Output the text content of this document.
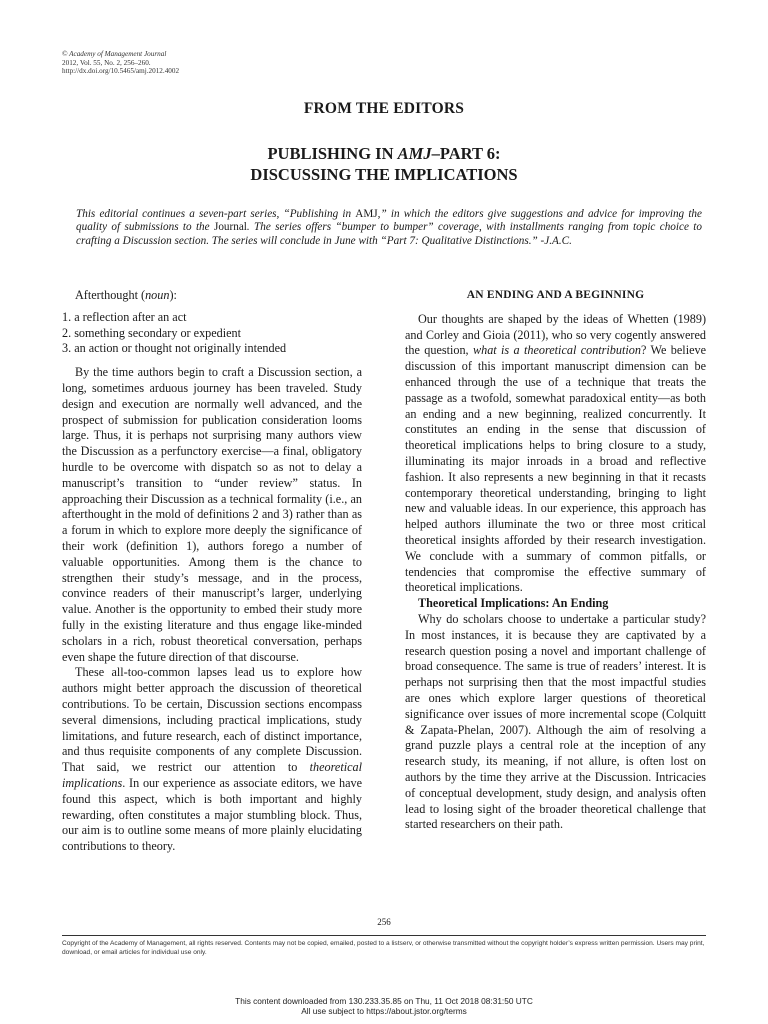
© Academy of Management Journal
2012, Vol. 55, No. 2, 256–260.
http://dx.doi.org/10.5465/amj.2012.4002
FROM THE EDITORS
PUBLISHING IN AMJ–PART 6:
DISCUSSING THE IMPLICATIONS
This editorial continues a seven-part series, “Publishing in AMJ,” in which the editors give suggestions and advice for improving the quality of submissions to the Journal. The series offers “bumper to bumper” coverage, with installments ranging from topic choice to crafting a Discussion section. The series will conclude in June with “Part 7: Qualitative Distinctions.” -J.A.C.

Afterthought (noun):

1. a reflection after an act
2. something secondary or expedient
3. an action or thought not originally intended

By the time authors begin to craft a Discussion section, a long, sometimes arduous journey has been traveled. Study design and execution are normally well advanced, and the prospect of submission for publication consideration looms large. Thus, it is perhaps not surprising many authors view the Discussion as a perfunctory exercise—a final, obligatory hurdle to be overcome with dispatch so as not to delay a manuscript’s transition to “under review” status. In approaching their Discussion as a technical formality (i.e., an afterthought in the mold of definitions 2 and 3) rather than as a forum in which to explore more deeply the significance of their work (definition 1), authors forego a number of valuable opportunities. Among them is the chance to strengthen their study’s message, and in the process, convince readers of their manuscript’s larger, underlying value. Another is the opportunity to embed their study more fully in the existing literature and thus engage like-minded scholars in a rich, robust theoretical conversation, perhaps even shape the future direction of that discourse.

These all-too-common lapses lead us to explore how authors might better approach the discussion of theoretical contributions. To be certain, Discussion sections encompass several dimensions, including practical implications, study limitations, and future research, each of distinct importance, and thus requisite components of any complete Discussion. That said, we restrict our attention to theoretical implications. In our experience as associate editors, we have found this aspect, which is both important and highly rewarding, often constitutes a major stumbling block. Thus, our aim is to outline some means of more plainly elucidating contributions to theory.

AN ENDING AND A BEGINNING

Our thoughts are shaped by the ideas of Whetten (1989) and Corley and Gioia (2011), who so very cogently answered the question, what is a theoretical contribution? We believe discussion of this important manuscript dimension can be enhanced through the use of a technique that treats the passage as a twofold, somewhat paradoxical entity—as both an ending and a new beginning, realized concurrently. It constitutes an ending in the sense that discussion of theoretical implications helps to bring closure to a study, illuminating its major inroads in a broad and reflective fashion. It also represents a new beginning in that it recasts contemporary theoretical understanding, bringing to light new and valuable ideas. In our experience, this approach has helped authors illuminate the two or three most critical theoretical insights afforded by their research investigation. We conclude with a summary of common pitfalls, or tendencies that compromise the effective summary of theoretical implications.

Theoretical Implications: An Ending

Why do scholars choose to undertake a particular study? In most instances, it is because they are captivated by a research question posing a novel and important challenge of broad consequence. The same is true of readers’ interest. It is perhaps not surprising then that the most impactful studies are ones which explore larger questions of theoretical significance over issues of more incremental scope (Colquitt & Zapata-Phelan, 2007). Although the aim of resolving a grand puzzle plays a central role at the inception of any research study, its meaning, if not allure, is often lost on authors by the time they arrive at the Discussion. Intricacies of conceptual development, study design, and analysis often lead to losing sight of the broader theoretical challenge that started researchers on their path.

256
Copyright of the Academy of Management, all rights reserved. Contents may not be copied, emailed, posted to a listserv, or otherwise transmitted without the copyright holder’s express written permission. Users may print, download, or email articles for individual use only.
This content downloaded from 130.233.35.85 on Thu, 11 Oct 2018 08:31:50 UTC
All use subject to https://about.jstor.org/terms
